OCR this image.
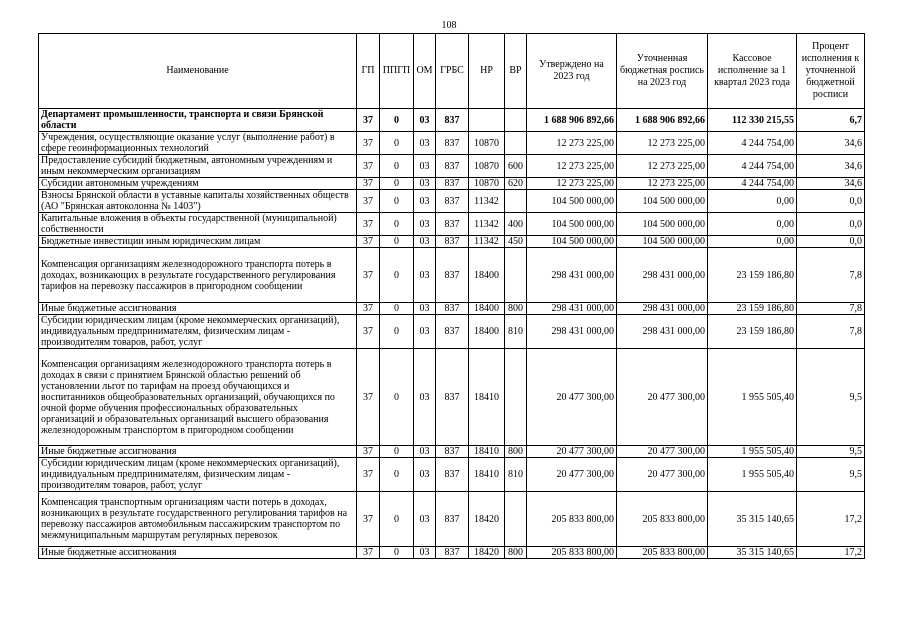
108
Наименование	ГП	ППГП	ОМ	ГРБС	НР	ВР	Утверждено на 2023 год	Уточненная бюджетная роспись на 2023 год	Кассовое исполнение за 1 квартал 2023 года	Процент исполнения к уточненной бюджетной росписи
Департамент промышленности, транспорта и связи Брянской области	37	0	03	837			1 688 906 892,66	1 688 906 892,66	112 330 215,55	6,7
Учреждения, осуществляющие оказание услуг (выполнение работ) в сфере геоинформационных технологий	37	0	03	837	10870		12 273 225,00	12 273 225,00	4 244 754,00	34,6
Предоставление субсидий бюджетным, автономным учреждениям и иным некоммерческим организациям	37	0	03	837	10870	600	12 273 225,00	12 273 225,00	4 244 754,00	34,6
Субсидии автономным учреждениям	37	0	03	837	10870	620	12 273 225,00	12 273 225,00	4 244 754,00	34,6
Взносы Брянской области в уставные капиталы хозяйственных обществ (АО "Брянская автоколонна № 1403")	37	0	03	837	11342		104 500 000,00	104 500 000,00	0,00	0,0
Капитальные вложения в объекты государственной (муниципальной) собственности	37	0	03	837	11342	400	104 500 000,00	104 500 000,00	0,00	0,0
Бюджетные инвестиции иным юридическим лицам	37	0	03	837	11342	450	104 500 000,00	104 500 000,00	0,00	0,0
Компенсация организациям железнодорожного транспорта потерь в доходах, возникающих в результате государственного регулирования тарифов на перевозку пассажиров в пригородном сообщении	37	0	03	837	18400		298 431 000,00	298 431 000,00	23 159 186,80	7,8
Иные бюджетные ассигнования	37	0	03	837	18400	800	298 431 000,00	298 431 000,00	23 159 186,80	7,8
Субсидии юридическим лицам (кроме некоммерческих организаций), индивидуальным предпринимателям, физическим лицам - производителям товаров, работ, услуг	37	0	03	837	18400	810	298 431 000,00	298 431 000,00	23 159 186,80	7,8
Компенсация организациям железнодорожного транспорта потерь в доходах в связи с принятием Брянской областью решений об установлении льгот по тарифам на проезд обучающихся и воспитанников общеобразовательных организаций, обучающихся по очной форме обучения профессиональных образовательных организаций и образовательных организаций высшего образования железнодорожным транспортом в пригородном сообщении	37	0	03	837	18410		20 477 300,00	20 477 300,00	1 955 505,40	9,5
Иные бюджетные ассигнования	37	0	03	837	18410	800	20 477 300,00	20 477 300,00	1 955 505,40	9,5
Субсидии юридическим лицам (кроме некоммерческих организаций), индивидуальным предпринимателям, физическим лицам - производителям товаров, работ, услуг	37	0	03	837	18410	810	20 477 300,00	20 477 300,00	1 955 505,40	9,5
Компенсация транспортным организациям части потерь в доходах, возникающих в результате государственного регулирования тарифов на перевозку пассажиров автомобильным пассажирским транспортом по межмуниципальным маршрутам регулярных перевозок	37	0	03	837	18420		205 833 800,00	205 833 800,00	35 315 140,65	17,2
Иные бюджетные ассигнования	37	0	03	837	18420	800	205 833 800,00	205 833 800,00	35 315 140,65	17,2
